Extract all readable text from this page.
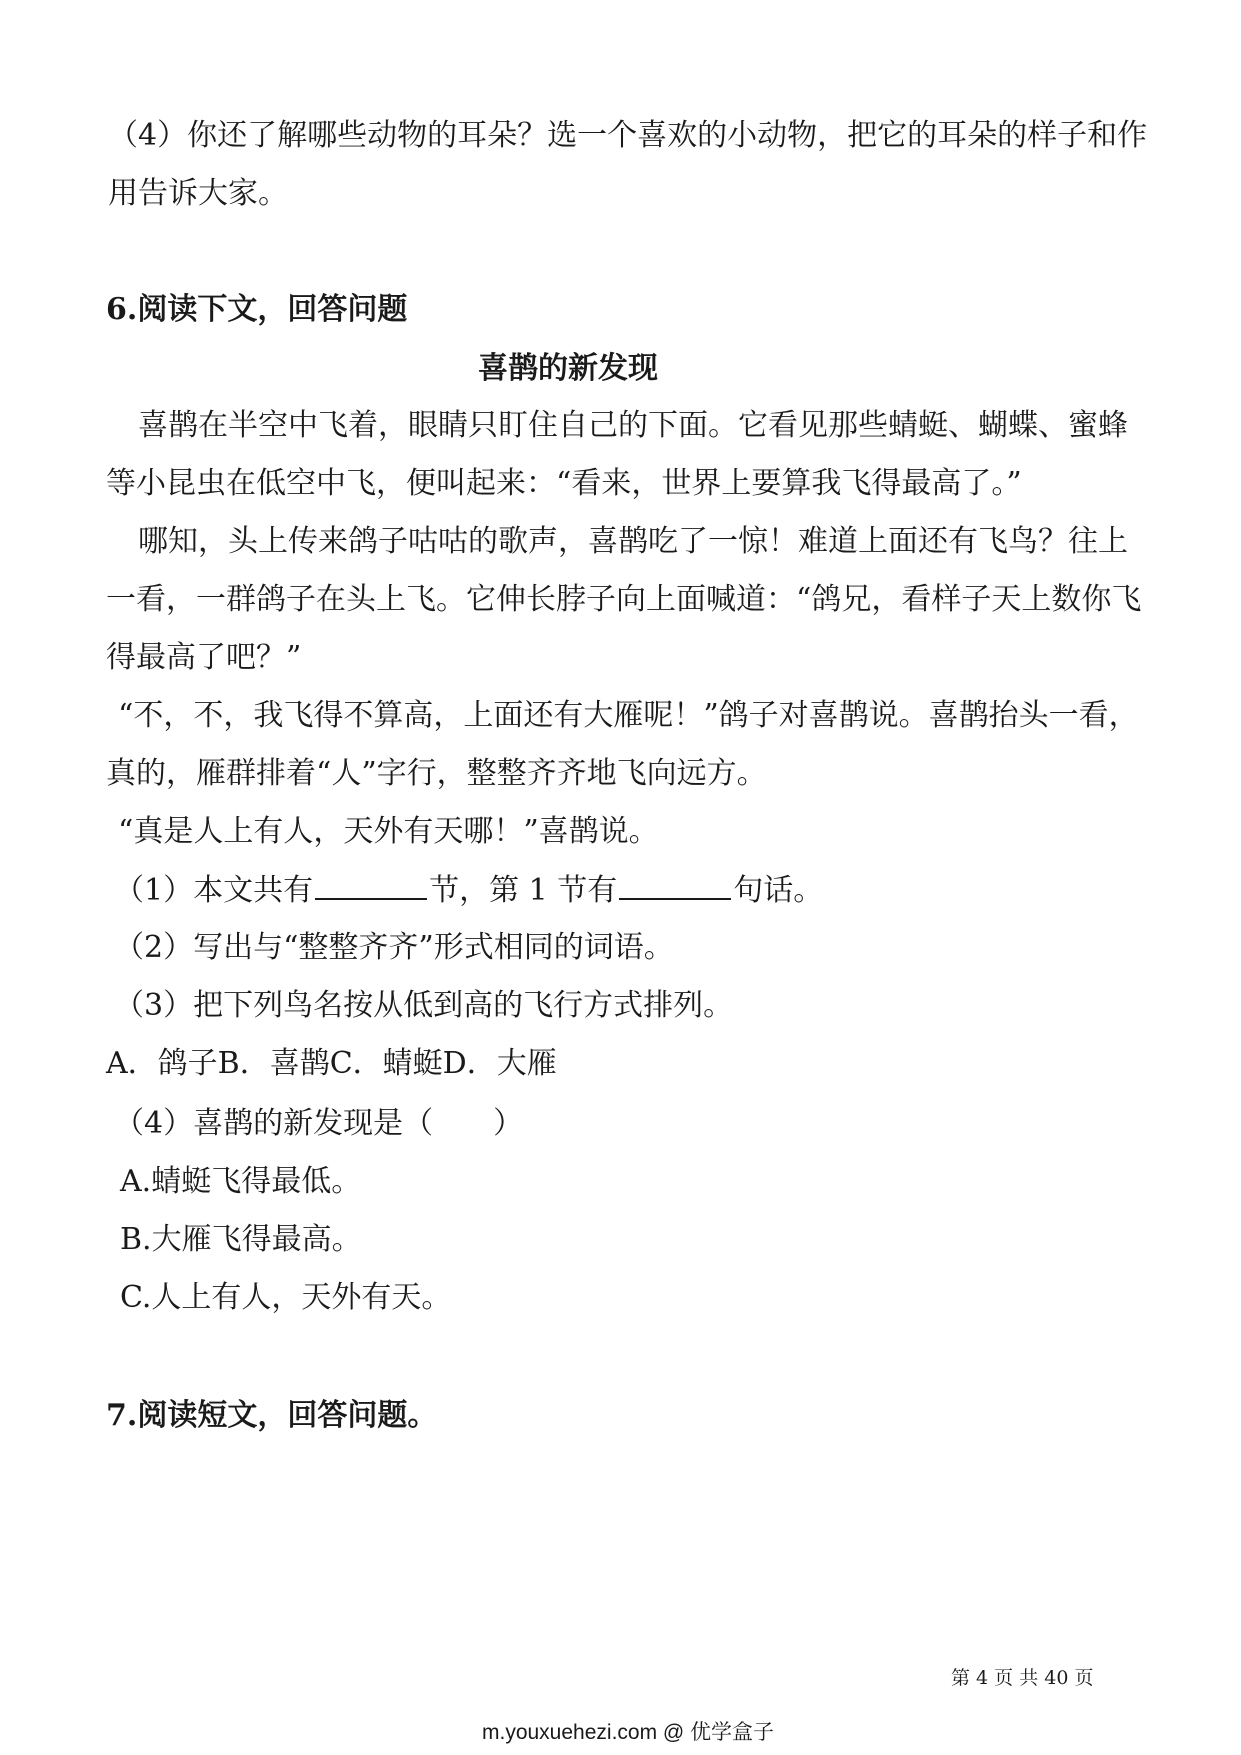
（4）你还了解哪些动物的耳朵？选一个喜欢的小动物，把它的耳朵的样子和作
用告诉大家。
6.阅读下文，回答问题
喜鹊的新发现
喜鹊在半空中飞着，眼睛只盯住自己的下面。它看见那些蜻蜓、蝴蝶、蜜蜂
等小昆虫在低空中飞，便叫起来：“看来，世界上要算我飞得最高了。”
哪知，头上传来鸽子咕咕的歌声，喜鹊吃了一惊！难道上面还有飞鸟？往上
一看，一群鸽子在头上飞。它伸长脖子向上面喊道：“鸽兄，看样子天上数你飞
得最高了吧？”
“不，不，我飞得不算高，上面还有大雁呢！”鸽子对喜鹊说。喜鹊抬头一看，
真的，雁群排着“人”字行，整整齐齐地飞向远方。
“真是人上有人，天外有天哪！”喜鹊说。
（1）本文共有	节，第 1 节有	句话。
（2）写出与“整整齐齐”形式相同的词语。
（3）把下列鸟名按从低到高的飞行方式排列。
A．鸽子B．喜鹊C．蜻蜓D．大雁
（4）喜鹊的新发现是（　　）
A.蜻蜓飞得最低。
B.大雁飞得最高。
C.人上有人，天外有天。
7.阅读短文，回答问题。
第 4 页 共 40 页
m.youxuehezi.com @ 优学盒子
